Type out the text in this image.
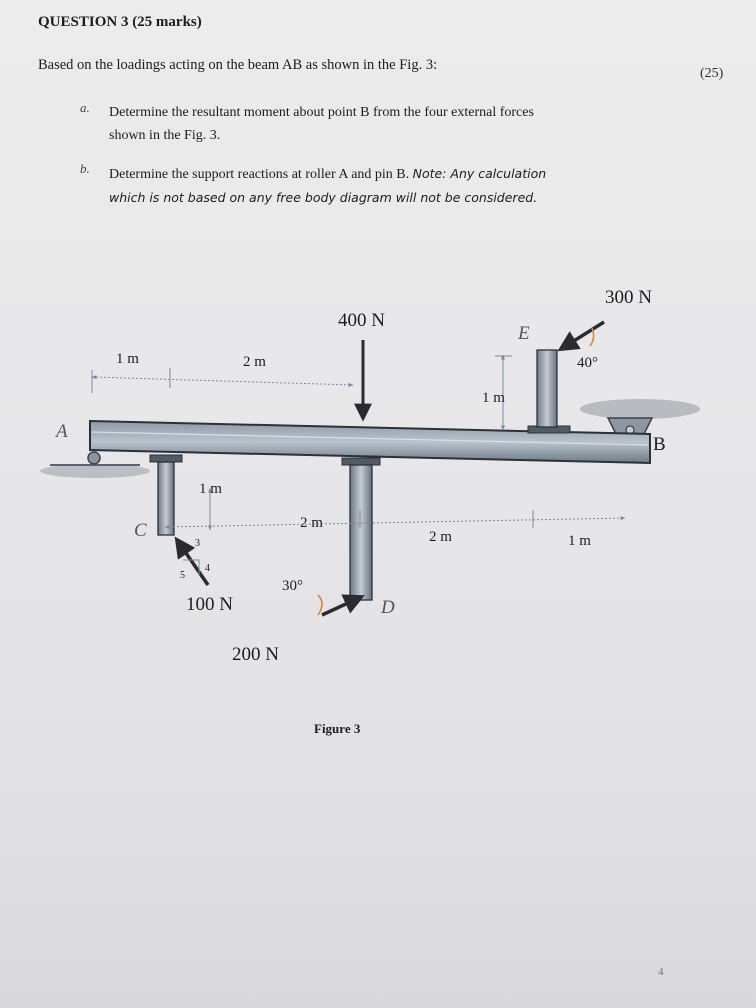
QUESTION 3 (25 marks)
Based on the loadings acting on the beam AB as shown in the Fig. 3:
(25)
a. Determine the resultant moment about point B from the four external forces
shown in the Fig. 3.
b. Determine the support reactions at roller A and pin B. Note: Any calculation
which is not based on any free body diagram will not be considered.
A
B
C
D
E
400 N
300 N
100 N
200 N
40°
30°
3
4
5
1 m	2 m
1 m
1 m
2 m
2 m	1 m
Figure 3
4
